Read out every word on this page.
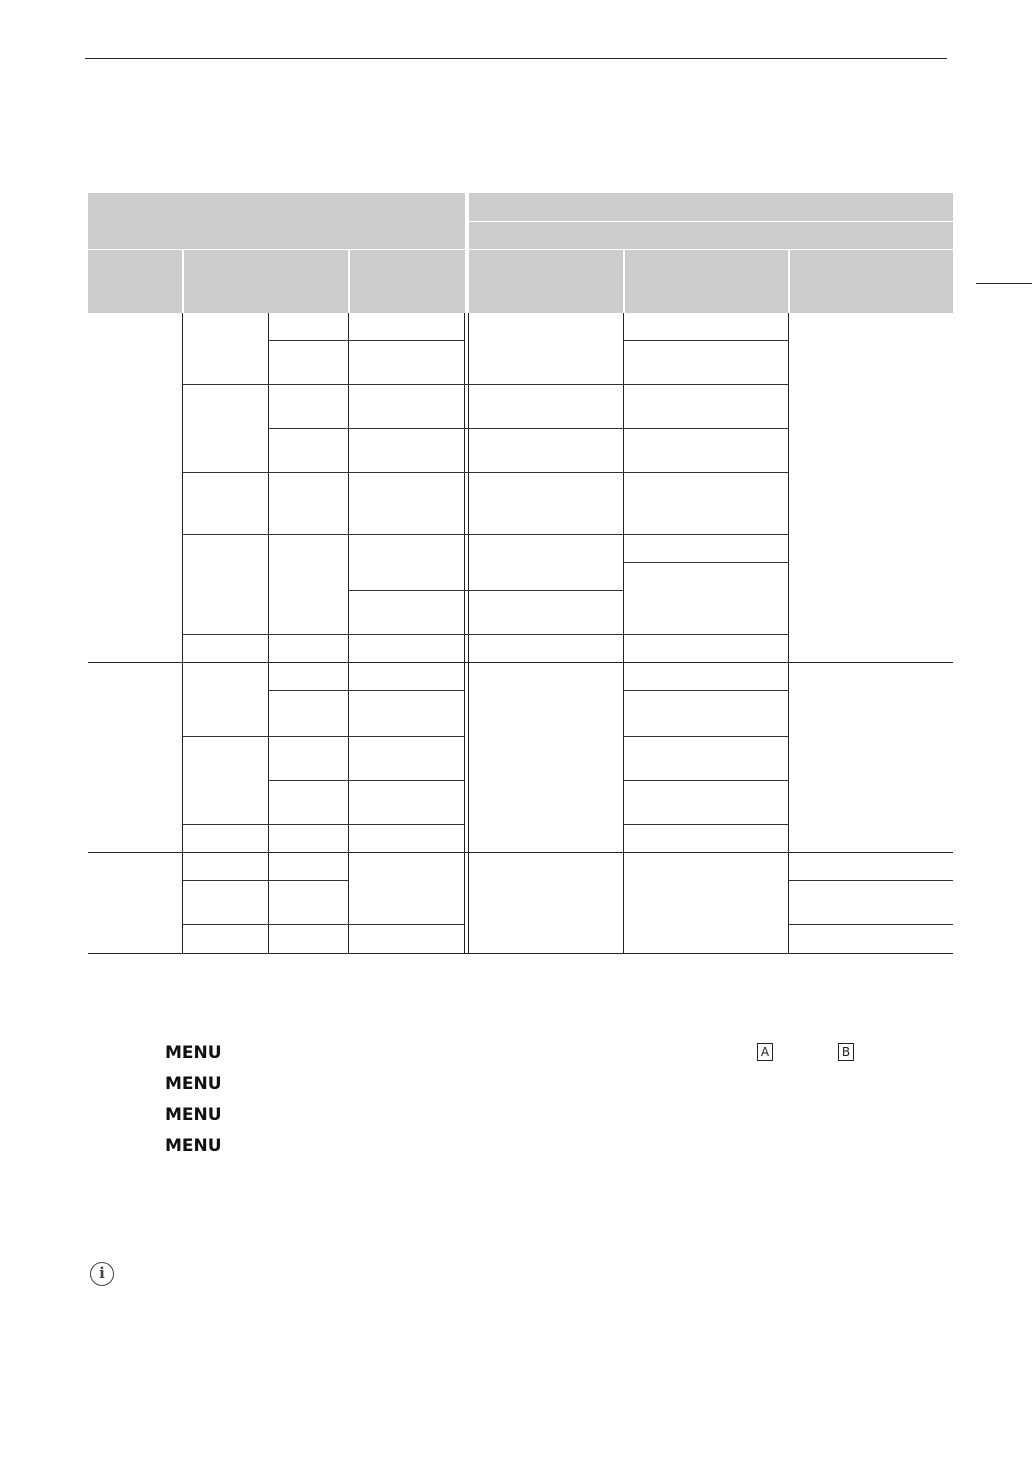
MENU
MENU
MENU
MENU
A	B
i
